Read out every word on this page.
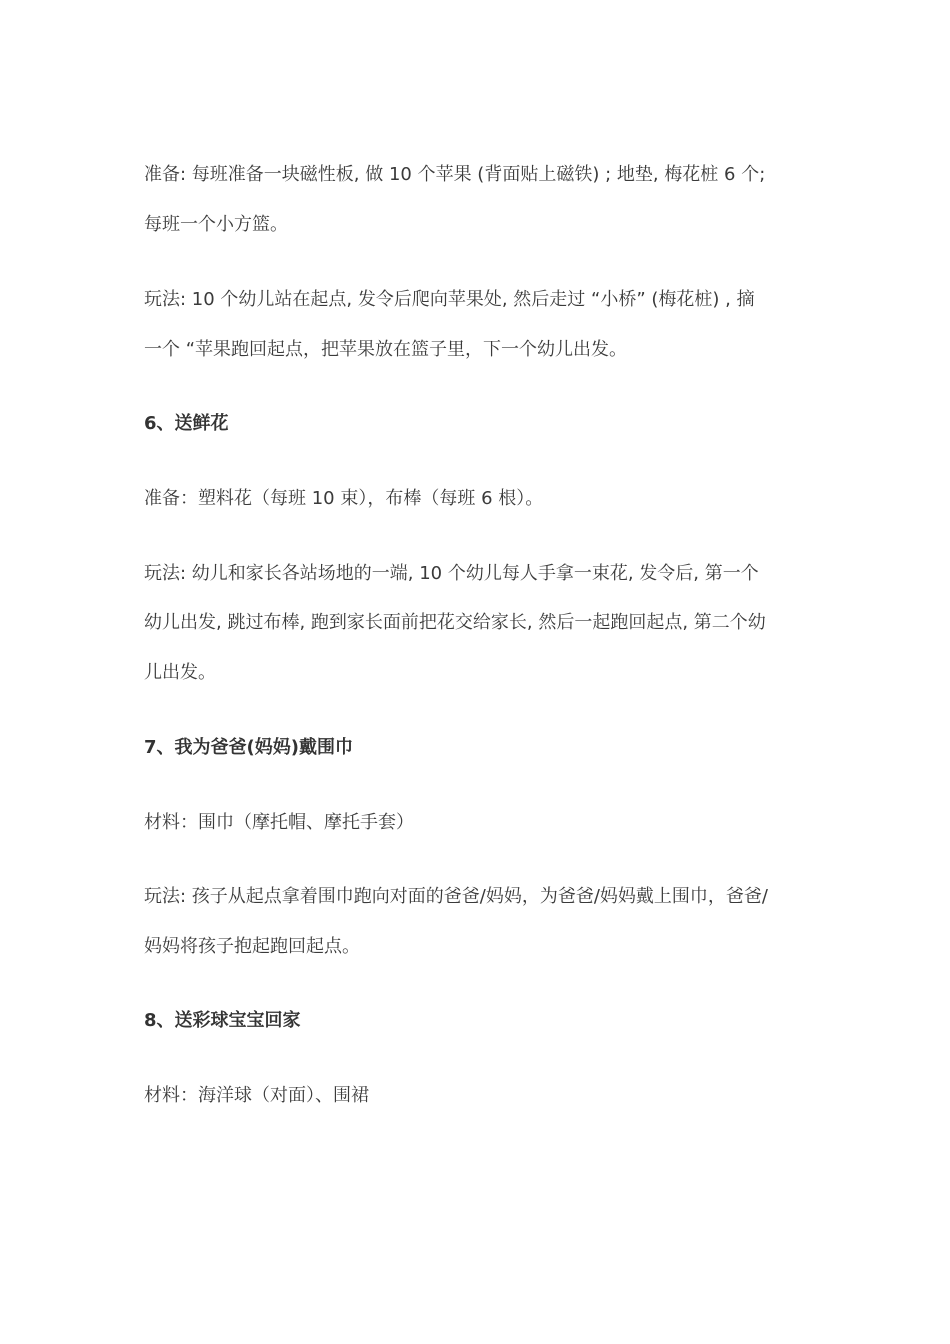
准备: 每班准备一块磁性板, 做 10 个苹果 (背面贴上磁铁) ; 地垫, 梅花桩 6 个;
每班一个小方篮。
玩法: 10 个幼儿站在起点, 发令后爬向苹果处, 然后走过 “小桥” (梅花桩) , 摘
一个 “苹果跑回起点，把苹果放在篮子里，下一个幼儿出发。
6、送鲜花
准备：塑料花（每班 10 束），布棒（每班 6 根）。
玩法: 幼儿和家长各站场地的一端, 10 个幼儿每人手拿一束花, 发令后, 第一个
幼儿出发, 跳过布棒, 跑到家长面前把花交给家长, 然后一起跑回起点, 第二个幼
儿出发。
7、我为爸爸(妈妈)戴围巾
材料：围巾（摩托帽、摩托手套）
玩法: 孩子从起点拿着围巾跑向对面的爸爸/妈妈，为爸爸/妈妈戴上围巾，爸爸/
妈妈将孩子抱起跑回起点。
8、送彩球宝宝回家
材料：海洋球（对面）、围裙
